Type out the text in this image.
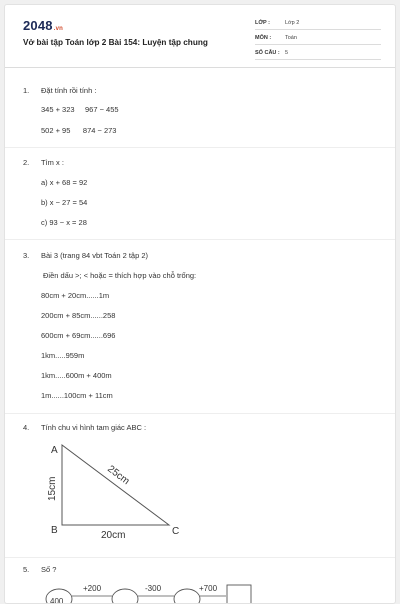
2048.vn
Vở bài tập Toán lớp 2 Bài 154: Luyện tập chung
LỚP :	Lớp 2
MÔN :	Toán
SỐ CÂU : 5
1. Đặt tính rồi tính :
345 + 323     967 − 455
502 + 95      874 − 273
2. Tìm x :
a) x + 68 = 92
b) x − 27 = 54
c) 93 − x = 28
3. Bài 3 (trang 84 vbt Toán 2 tập 2)
Điền dấu >; < hoặc = thích hợp vào chỗ trống:
80cm + 20cm......1m
200cm + 85cm......258
600cm + 69cm......696
1km.....959m
1km.....600m + 400m
1m......100cm + 11cm
4. Tính chu vi hình tam giác ABC :
A
B	C
15cm
20cm
25cm
5. Số ?
400
+200	-300	+700
